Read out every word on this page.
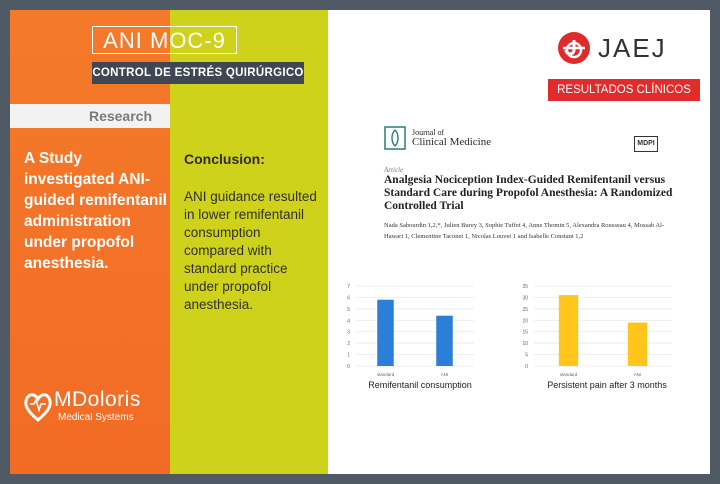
ANI MOC-9
CONTROL DE ESTRÉS QUIRÚRGICO
Research
A Study investigated ANI-guided remifentanil administration under propofol anesthesia.
Conclusion:
ANI guidance resulted in lower remifentanil consumption compared with standard practice under propofol anesthesia.
MDoloris
Medical Systems
JAEJ
RESULTADOS CLÍNICOS
Journal of
Clinical Medicine	MDPI
Article
Analgesia Nociception Index-Guided Remifentanil versus Standard Care during Propofol Anesthesia: A Randomized Controlled Trial
Nada Sabourdin 1,2,*, Julien Burey 3, Sophie Tuffet 4, Anne Thomin 5, Alexandra Rousseau 4, Mossab Al-Hawari 1, Clementine Taconet 1, Nicolas Louvet 1 and Isabelle Constant 1,2
0
1
2
3
4
5
6
7
standard	ANI
Remifentanil consumption
0
5
10
15
20
25
30
35
standard	ANI
Persistent pain after 3 months
